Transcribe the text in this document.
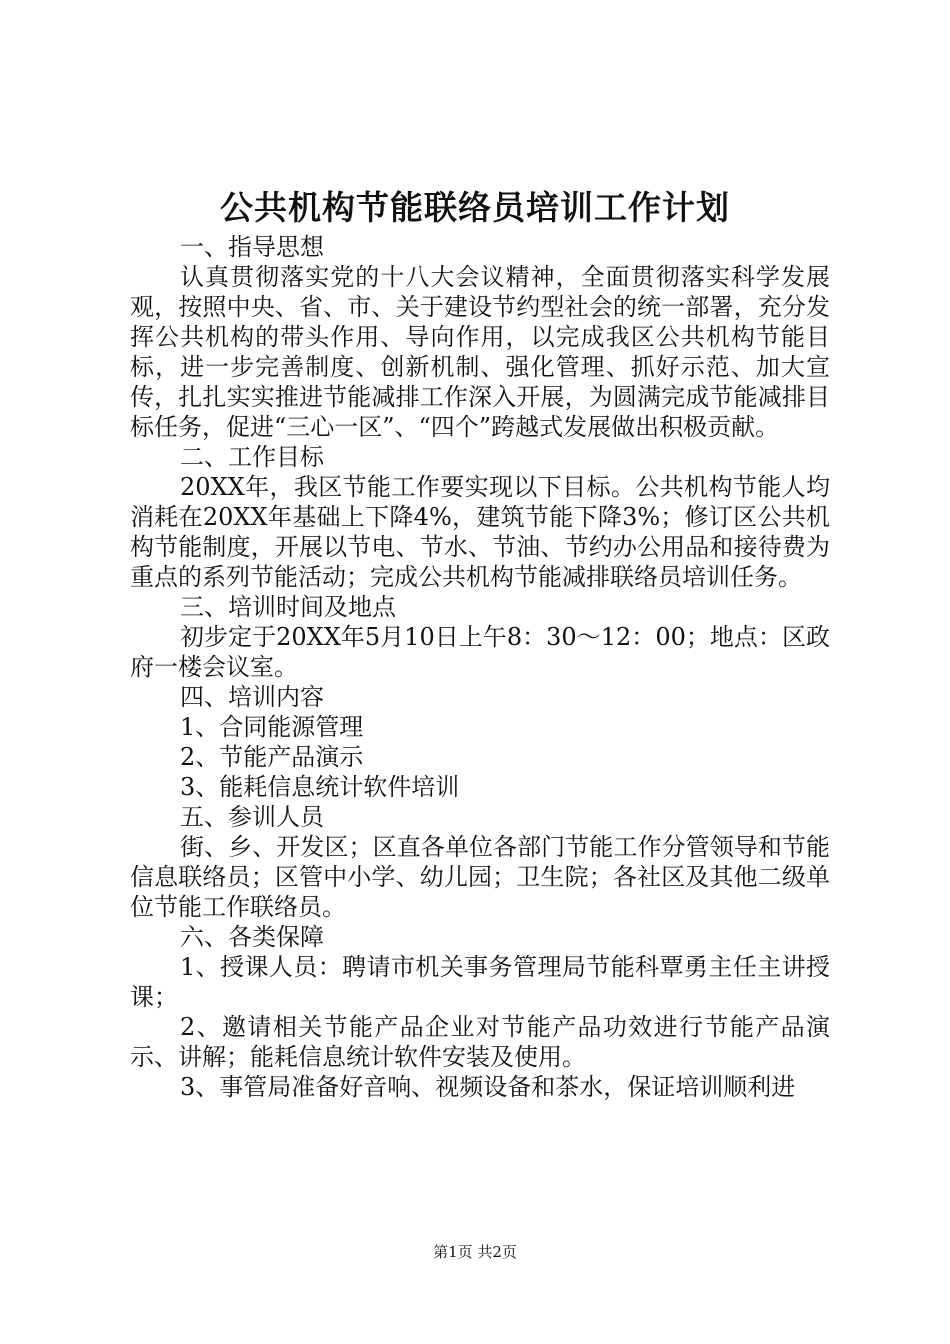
公共机构节能联络员培训工作计划

一、指导思想

认真贯彻落实党的十八大会议精神，全面贯彻落实科学发展观，按照中央、省、市、关于建设节约型社会的统一部署，充分发挥公共机构的带头作用、导向作用，以完成我区公共机构节能目标，进一步完善制度、创新机制、强化管理、抓好示范、加大宣传，扎扎实实推进节能减排工作深入开展，为圆满完成节能减排目标任务，促进“三心一区”、“四个”跨越式发展做出积极贡献。

二、工作目标

20XX年，我区节能工作要实现以下目标。公共机构节能人均消耗在20XX年基础上下降4%，建筑节能下降3%；修订区公共机构节能制度，开展以节电、节水、节油、节约办公用品和接待费为重点的系列节能活动；完成公共机构节能减排联络员培训任务。

三、培训时间及地点

初步定于20XX年5月10日上午8：30～12：00；地点：区政府一楼会议室。

四、培训内容

1、合同能源管理

2、节能产品演示

3、能耗信息统计软件培训

五、参训人员

街、乡、开发区；区直各单位各部门节能工作分管领导和节能信息联络员；区管中小学、幼儿园；卫生院；各社区及其他二级单位节能工作联络员。

六、各类保障

1、授课人员：聘请市机关事务管理局节能科覃勇主任主讲授课；

2、邀请相关节能产品企业对节能产品功效进行节能产品演示、讲解；能耗信息统计软件安装及使用。

3、事管局准备好音响、视频设备和茶水，保证培训顺利进

第1页 共2页
